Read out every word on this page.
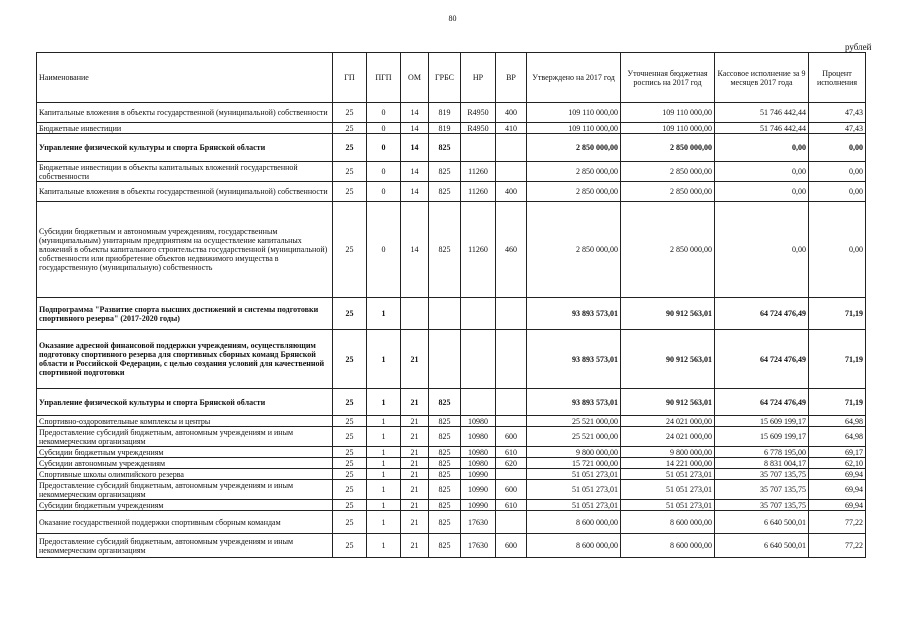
80
рублей
Наименование	ГП	ПГП	ОМ	ГРБС	НР	ВР	Утверждено на 2017 год	Уточненная бюджетная роспись на 2017 год	Кассовое исполнение за 9 месяцев 2017 года	Процент исполнения
Капитальные вложения в объекты государственной (муниципальной) собственности	25	0	14	819	R4950	400	109 110 000,00	109 110 000,00	51 746 442,44	47,43
Бюджетные инвестиции	25	0	14	819	R4950	410	109 110 000,00	109 110 000,00	51 746 442,44	47,43
Управление физической культуры и спорта Брянской области	25	0	14	825			2 850 000,00	2 850 000,00	0,00	0,00
Бюджетные инвестиции в объекты капитальных вложений государственной собственности	25	0	14	825	11260		2 850 000,00	2 850 000,00	0,00	0,00
Капитальные вложения в объекты государственной (муниципальной) собственности	25	0	14	825	11260	400	2 850 000,00	2 850 000,00	0,00	0,00
Субсидии бюджетным и автономным учреждениям, государственным (муниципальным) унитарным предприятиям на осуществление капитальных вложений в объекты капитального строительства государственной (муниципальной) собственности или приобретение объектов недвижимого имущества в государственную (муниципальную) собственность	25	0	14	825	11260	460	2 850 000,00	2 850 000,00	0,00	0,00
Подпрограмма "Развитие спорта высших достижений и системы подготовки спортивного резерва" (2017-2020 годы)	25	1					93 893 573,01	90 912 563,01	64 724 476,49	71,19
Оказание адресной финансовой поддержки учреждениям, осуществляющим подготовку спортивного резерва для спортивных сборных команд Брянской области и Российской Федерации, с целью создания условий для качественной спортивной подготовки	25	1	21				93 893 573,01	90 912 563,01	64 724 476,49	71,19
Управление физической культуры и спорта Брянской области	25	1	21	825			93 893 573,01	90 912 563,01	64 724 476,49	71,19
Спортивно-оздоровительные комплексы и центры	25	1	21	825	10980		25 521 000,00	24 021 000,00	15 609 199,17	64,98
Предоставление субсидий бюджетным, автономным учреждениям и иным некоммерческим организациям	25	1	21	825	10980	600	25 521 000,00	24 021 000,00	15 609 199,17	64,98
Субсидии бюджетным учреждениям	25	1	21	825	10980	610	9 800 000,00	9 800 000,00	6 778 195,00	69,17
Субсидии автономным учреждениям	25	1	21	825	10980	620	15 721 000,00	14 221 000,00	8 831 004,17	62,10
Спортивные школы олимпийского резерва	25	1	21	825	10990		51 051 273,01	51 051 273,01	35 707 135,75	69,94
Предоставление субсидий бюджетным, автономным учреждениям и иным некоммерческим организациям	25	1	21	825	10990	600	51 051 273,01	51 051 273,01	35 707 135,75	69,94
Субсидии бюджетным учреждениям	25	1	21	825	10990	610	51 051 273,01	51 051 273,01	35 707 135,75	69,94
Оказание государственной поддержки спортивным сборным командам	25	1	21	825	17630		8 600 000,00	8 600 000,00	6 640 500,01	77,22
Предоставление субсидий бюджетным, автономным учреждениям и иным некоммерческим организациям	25	1	21	825	17630	600	8 600 000,00	8 600 000,00	6 640 500,01	77,22
